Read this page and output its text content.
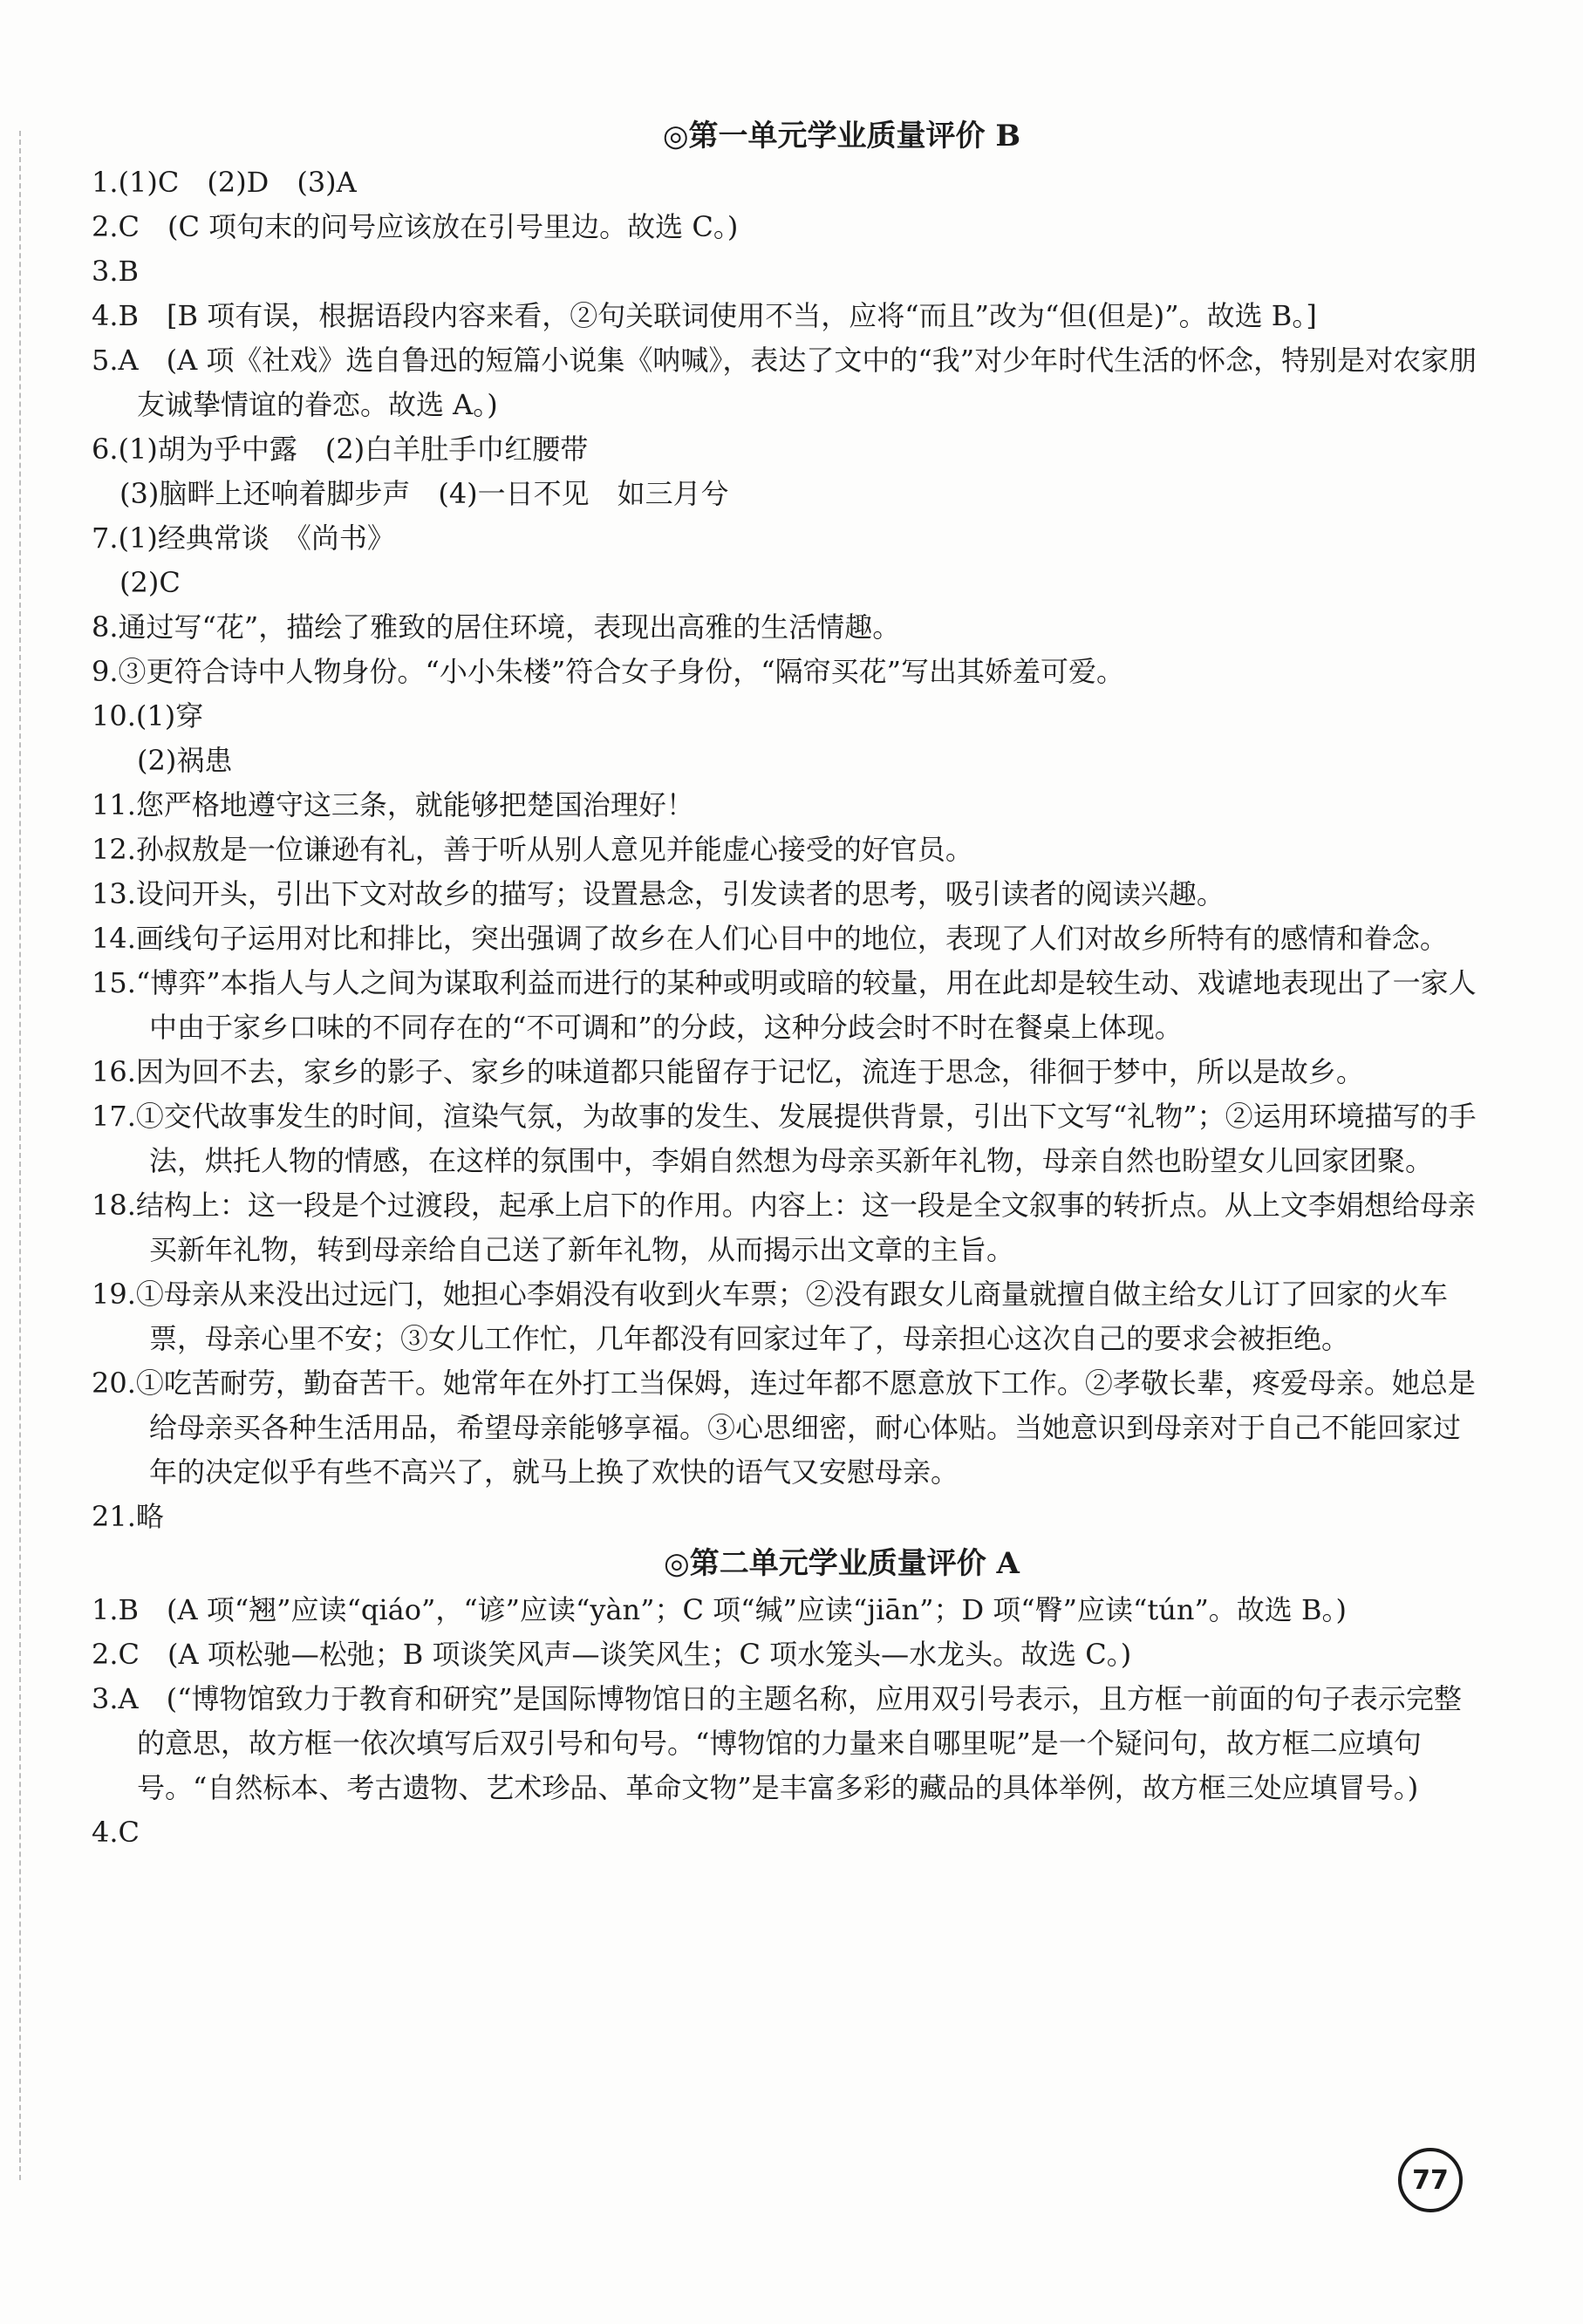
◎第一单元学业质量评价 B

1.(1)C　(2)D　(3)A

2.C　(C 项句末的问号应该放在引号里边。故选 C。)

3.B

4.B　[B 项有误，根据语段内容来看，②句关联词使用不当，应将“而且”改为“但(但是)”。故选 B。]

5.A　(A 项《社戏》选自鲁迅的短篇小说集《呐喊》，表达了文中的“我”对少年时代生活的怀念，特别是对农家朋友诚挚情谊的眷恋。故选 A。)

6.(1)胡为乎中露　(2)白羊肚手巾红腰带

(3)脑畔上还响着脚步声　(4)一日不见　如三月兮

7.(1)经典常谈　《尚书》

(2)C

8.通过写“花”，描绘了雅致的居住环境，表现出高雅的生活情趣。

9.③更符合诗中人物身份。“小小朱楼”符合女子身份，“隔帘买花”写出其娇羞可爱。

10.(1)穿

(2)祸患

11.您严格地遵守这三条，就能够把楚国治理好！

12.孙叔敖是一位谦逊有礼，善于听从别人意见并能虚心接受的好官员。

13.设问开头，引出下文对故乡的描写；设置悬念，引发读者的思考，吸引读者的阅读兴趣。

14.画线句子运用对比和排比，突出强调了故乡在人们心目中的地位，表现了人们对故乡所特有的感情和眷念。

15.“博弈”本指人与人之间为谋取利益而进行的某种或明或暗的较量，用在此却是较生动、戏谑地表现出了一家人中由于家乡口味的不同存在的“不可调和”的分歧，这种分歧会时不时在餐桌上体现。

16.因为回不去，家乡的影子、家乡的味道都只能留存于记忆，流连于思念，徘徊于梦中，所以是故乡。

17.①交代故事发生的时间，渲染气氛，为故事的发生、发展提供背景，引出下文写“礼物”；②运用环境描写的手法，烘托人物的情感，在这样的氛围中，李娟自然想为母亲买新年礼物，母亲自然也盼望女儿回家团聚。

18.结构上：这一段是个过渡段，起承上启下的作用。内容上：这一段是全文叙事的转折点。从上文李娟想给母亲买新年礼物，转到母亲给自己送了新年礼物，从而揭示出文章的主旨。

19.①母亲从来没出过远门，她担心李娟没有收到火车票；②没有跟女儿商量就擅自做主给女儿订了回家的火车票，母亲心里不安；③女儿工作忙，几年都没有回家过年了，母亲担心这次自己的要求会被拒绝。

20.①吃苦耐劳，勤奋苦干。她常年在外打工当保姆，连过年都不愿意放下工作。②孝敬长辈，疼爱母亲。她总是给母亲买各种生活用品，希望母亲能够享福。③心思细密，耐心体贴。当她意识到母亲对于自己不能回家过年的决定似乎有些不高兴了，就马上换了欢快的语气又安慰母亲。

21.略

◎第二单元学业质量评价 A

1.B　(A 项“翘”应读“qiáo”，“谚”应读“yàn”；C 项“缄”应读“jiān”；D 项“臀”应读“tún”。故选 B。)

2.C　(A 项松驰—松弛；B 项谈笑风声—谈笑风生；C 项水笼头—水龙头。故选 C。)

3.A　(“博物馆致力于教育和研究”是国际博物馆日的主题名称，应用双引号表示，且方框一前面的句子表示完整的意思，故方框一依次填写后双引号和句号。“博物馆的力量来自哪里呢”是一个疑问句，故方框二应填句号。“自然标本、考古遗物、艺术珍品、革命文物”是丰富多彩的藏品的具体举例，故方框三处应填冒号。)

4.C

77
